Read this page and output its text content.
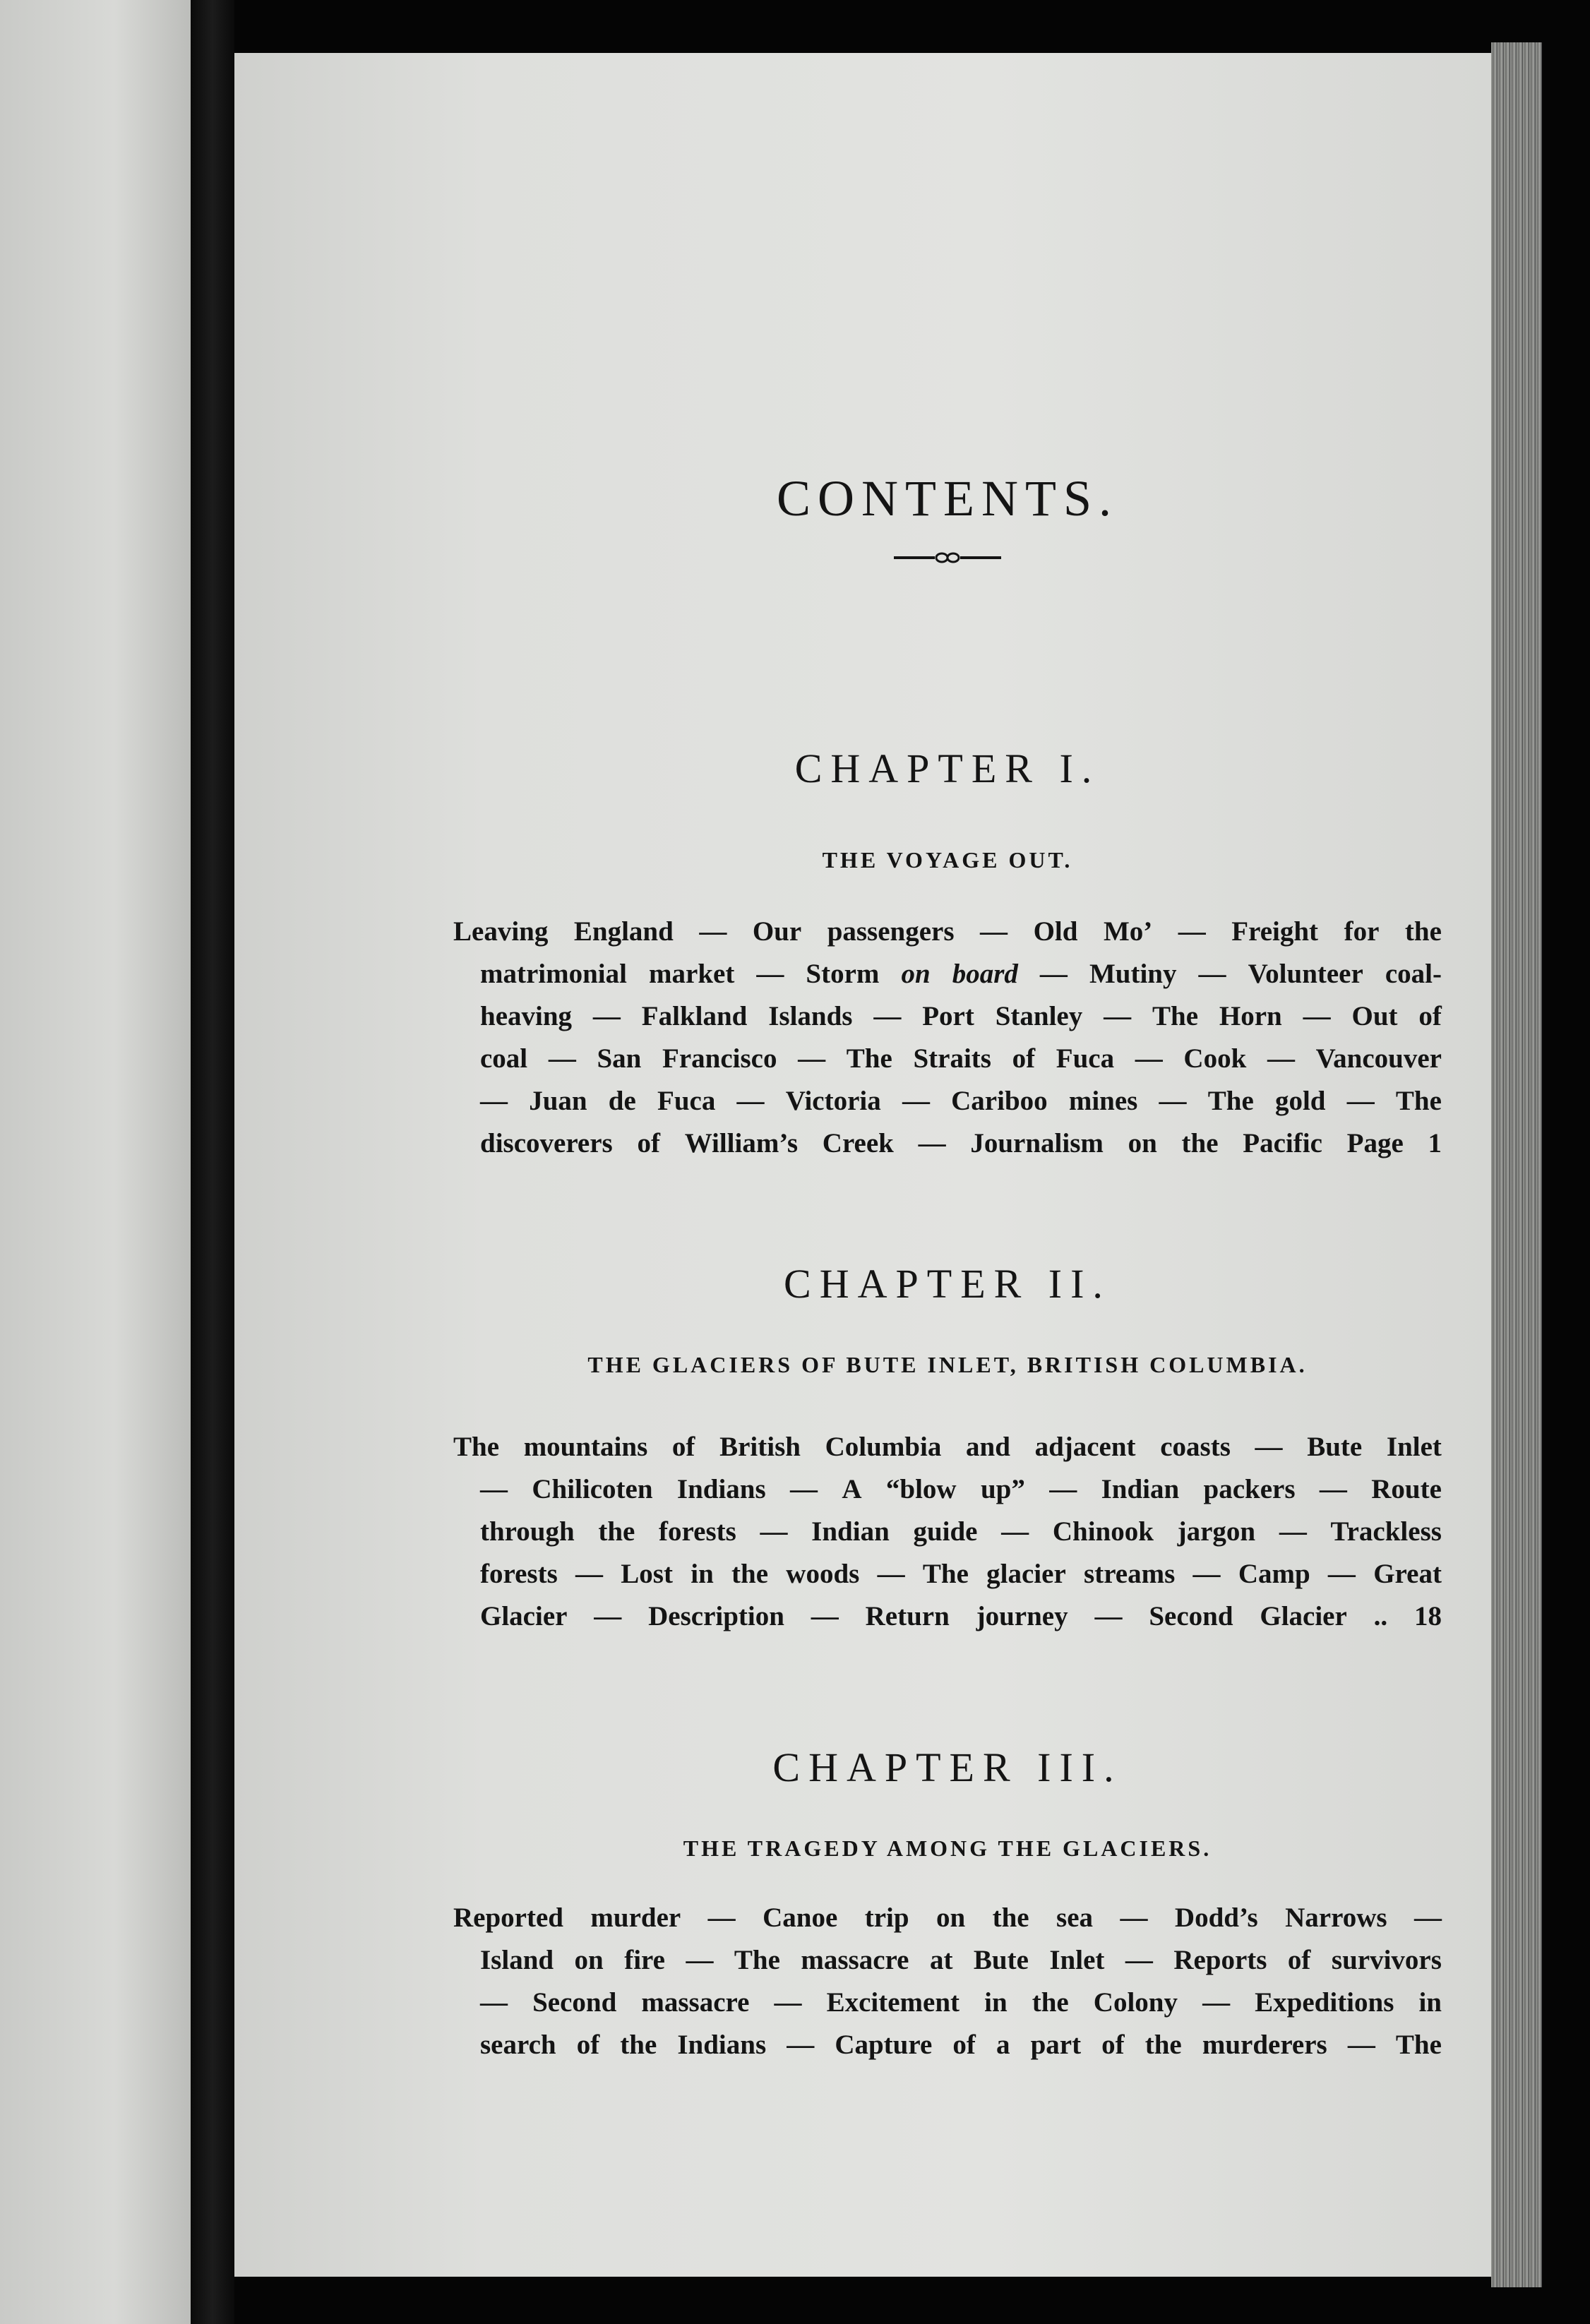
CONTENTS.
CHAPTER I.
THE VOYAGE OUT.
Leaving England — Our passengers — Old Mo’ — Freight for the
matrimonial market — Storm on board — Mutiny — Volunteer coal-
heaving — Falkland Islands — Port Stanley — The Horn — Out of
coal — San Francisco — The Straits of Fuca — Cook — Vancouver
— Juan de Fuca — Victoria — Cariboo mines — The gold — The
discoverers of William’s Creek — Journalism on the Pacific Page 1
CHAPTER II.
THE GLACIERS OF BUTE INLET, BRITISH COLUMBIA.
The mountains of British Columbia and adjacent coasts — Bute Inlet
— Chilicoten Indians — A “blow up” — Indian packers — Route
through the forests — Indian guide — Chinook jargon — Trackless
forests — Lost in the woods — The glacier streams — Camp — Great
Glacier — Description — Return journey — Second Glacier .. 18
CHAPTER III.
THE TRAGEDY AMONG THE GLACIERS.
Reported murder — Canoe trip on the sea — Dodd’s Narrows —
Island on fire — The massacre at Bute Inlet — Reports of survivors
— Second massacre — Excitement in the Colony — Expeditions in
search of the Indians — Capture of a part of the murderers — The
